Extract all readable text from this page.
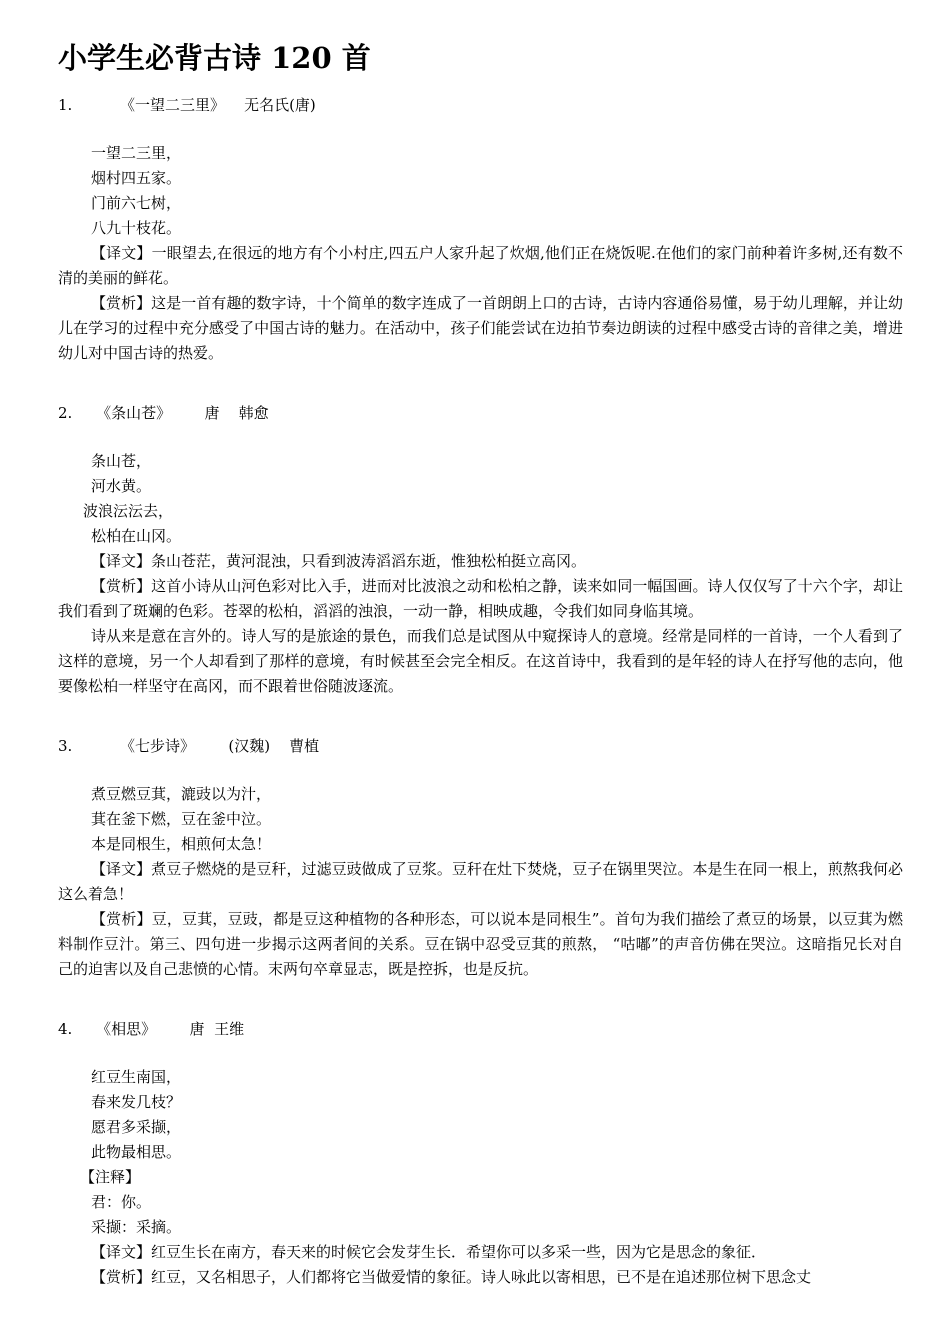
小学生必背古诗 120 首
1.          《一望二三里》    无名氏(唐)
一望二三里，
烟村四五家。
门前六七树，
八九十枝花。

【译文】一眼望去,在很远的地方有个小村庄,四五户人家升起了炊烟,他们正在烧饭呢.在他们的家门前种着许多树,还有数不清的美丽的鲜花。

【赏析】这是一首有趣的数字诗，十个简单的数字连成了一首朗朗上口的古诗，古诗内容通俗易懂，易于幼儿理解，并让幼儿在学习的过程中充分感受了中国古诗的魅力。在活动中，孩子们能尝试在边拍节奏边朗读的过程中感受古诗的音律之美，增进幼儿对中国古诗的热爱。

2.     《条山苍》       唐    韩愈
条山苍，
河水黄。
波浪沄沄去，
松柏在山冈。

【译文】条山苍茫，黄河混浊，只看到波涛滔滔东逝，惟独松柏挺立高冈。

【赏析】这首小诗从山河色彩对比入手，进而对比波浪之动和松柏之静，读来如同一幅国画。诗人仅仅写了十六个字，却让我们看到了斑斓的色彩。苍翠的松柏，滔滔的浊浪，一动一静，相映成趣，令我们如同身临其境。

诗从来是意在言外的。诗人写的是旅途的景色，而我们总是试图从中窥探诗人的意境。经常是同样的一首诗，一个人看到了这样的意境，另一个人却看到了那样的意境，有时候甚至会完全相反。在这首诗中，我看到的是年轻的诗人在抒写他的志向，他要像松柏一样坚守在高冈，而不跟着世俗随波逐流。

3.          《七步诗》       (汉魏)    曹植
煮豆燃豆萁，漉豉以为汁，
萁在釜下燃，豆在釜中泣。
本是同根生，相煎何太急！

【译文】煮豆子燃烧的是豆秆，过滤豆豉做成了豆浆。豆秆在灶下焚烧，豆子在锅里哭泣。本是生在同一根上，煎熬我何必这么着急！

【赏析】豆，豆萁，豆豉，都是豆这种植物的各种形态，可以说本是同根生”。首句为我们描绘了煮豆的场景，以豆萁为燃料制作豆汁。第三、四句进一步揭示这两者间的关系。豆在锅中忍受豆萁的煎熬， “咕嘟”的声音仿佛在哭泣。这暗指兄长对自己的迫害以及自己悲愤的心情。末两句卒章显志，既是控拆，也是反抗。

4.     《相思》       唐  王维
红豆生南国，
春来发几枝？
愿君多采撷，
此物最相思。
【注释】
君：你。
采撷：采摘。
【译文】红豆生长在南方，春天来的时候它会发芽生长．希望你可以多采一些，因为它是思念的象征．
【赏析】红豆，又名相思子，人们都将它当做爱情的象征。诗人咏此以寄相思，已不是在追述那位树下思念丈
